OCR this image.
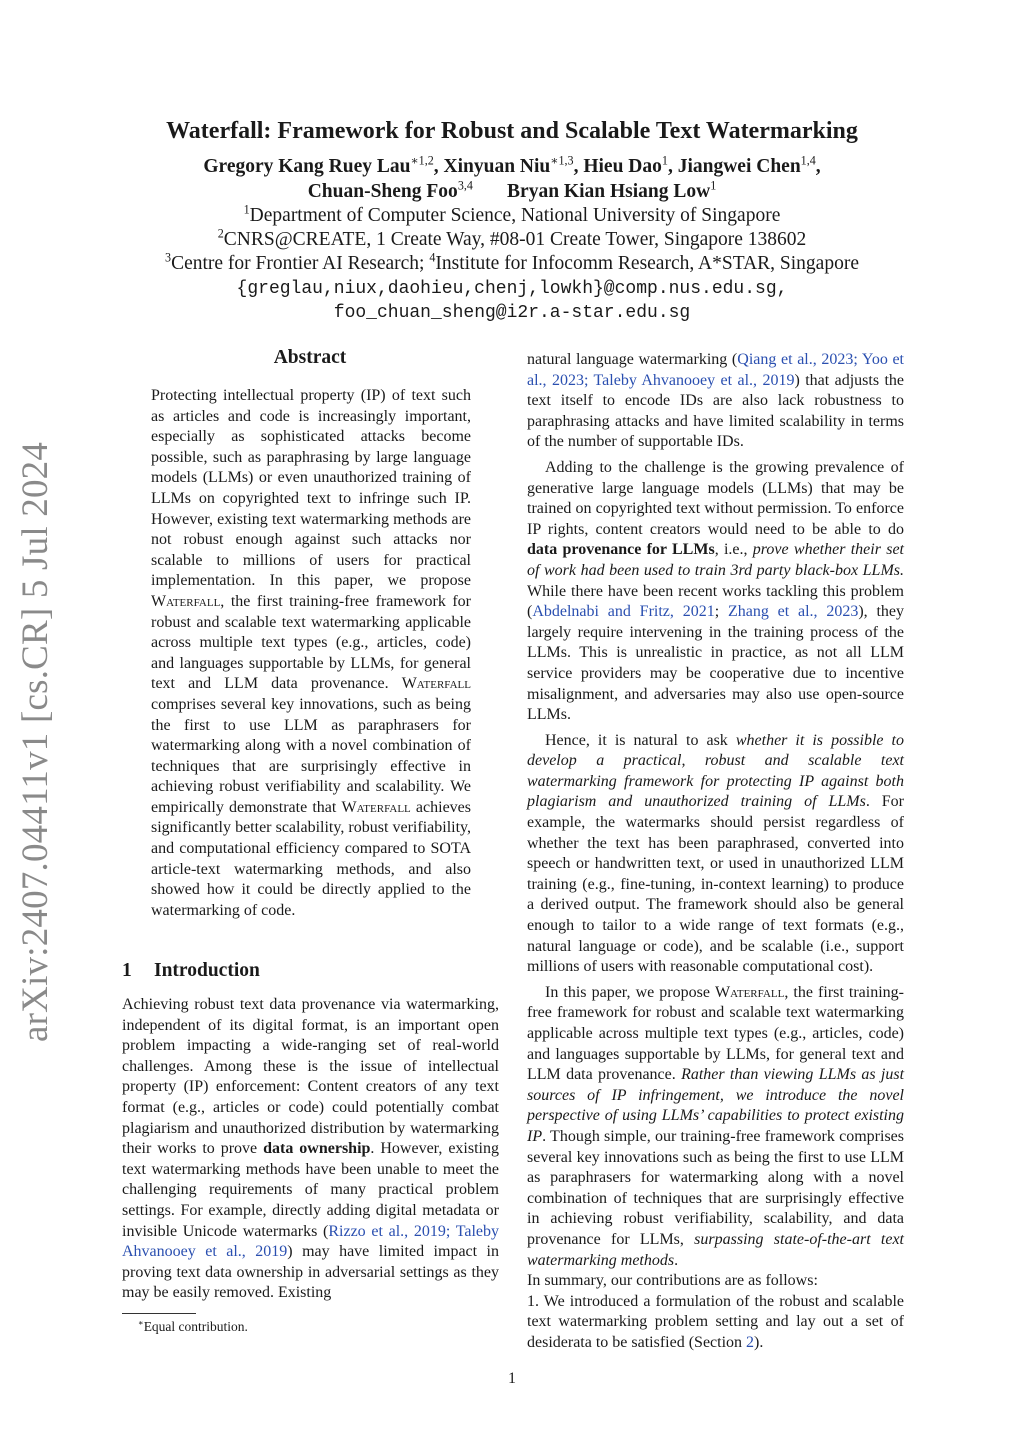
arXiv:2407.04411v1 [cs.CR] 5 Jul 2024
Waterfall: Framework for Robust and Scalable Text Watermarking
Gregory Kang Ruey Lau$^{∗1,2}$, Xinyuan Niu$^{∗1,3}$, Hieu Dao$^1$, Jiangwei Chen$^{1,4}$,
Chuan-Sheng Foo$^{3,4}$ Bryan Kian Hsiang Low$^1$
$^1$Department of Computer Science, National University of Singapore
$^2$CNRS@CREATE, 1 Create Way, #08-01 Create Tower, Singapore 138602
$^3$Centre for Frontier AI Research; $^4$Institute for Infocomm Research, A*STAR, Singapore
{greglau,niux,daohieu,chenj,lowkh}@comp.nus.edu.sg,
foo_chuan_sheng@i2r.a-star.edu.sg
Abstract
Protecting intellectual property (IP) of text such as articles and code is increasingly important, especially as sophisticated attacks become possible, such as paraphrasing by large language models (LLMs) or even unauthorized training of LLMs on copyrighted text to infringe such IP. However, existing text watermarking methods are not robust enough against such attacks nor scalable to millions of users for practical implementation. In this paper, we propose Waterfall, the first training-free framework for robust and scalable text watermarking applicable across multiple text types (e.g., articles, code) and languages supportable by LLMs, for general text and LLM data provenance. Waterfall comprises several key innovations, such as being the first to use LLM as paraphrasers for watermarking along with a novel combination of techniques that are surprisingly effective in achieving robust verifiability and scalability. We empirically demonstrate that Waterfall achieves significantly better scalability, robust verifiability, and computational efficiency compared to SOTA article-text watermarking methods, and also showed how it could be directly applied to the watermarking of code.
1 Introduction
Achieving robust text data provenance via watermarking, independent of its digital format, is an important open problem impacting a wide-ranging set of real-world challenges. Among these is the issue of intellectual property (IP) enforcement: Content creators of any text format (e.g., articles or code) could potentially combat plagiarism and unauthorized distribution by watermarking their works to prove data ownership. However, existing text watermarking methods have been unable to meet the challenging requirements of many practical problem settings. For example, directly adding digital metadata or invisible Unicode watermarks (Rizzo et al., 2019; Taleby Ahvanooey et al., 2019) may have limited impact in proving text data ownership in adversarial settings as they may be easily removed. Existing
∗Equal contribution.

natural language watermarking (Qiang et al., 2023; Yoo et al., 2023; Taleby Ahvanooey et al., 2019) that adjusts the text itself to encode IDs are also lack robustness to paraphrasing attacks and have limited scalability in terms of the number of supportable IDs.

Adding to the challenge is the growing prevalence of generative large language models (LLMs) that may be trained on copyrighted text without permission. To enforce IP rights, content creators would need to be able to do data provenance for LLMs, i.e., prove whether their set of work had been used to train 3rd party black-box LLMs. While there have been recent works tackling this problem (Abdelnabi and Fritz, 2021; Zhang et al., 2023), they largely require intervening in the training process of the LLMs. This is unrealistic in practice, as not all LLM service providers may be cooperative due to incentive misalignment, and adversaries may also use open-source LLMs.

Hence, it is natural to ask whether it is possible to develop a practical, robust and scalable text watermarking framework for protecting IP against both plagiarism and unauthorized training of LLMs. For example, the watermarks should persist regardless of whether the text has been paraphrased, converted into speech or handwritten text, or used in unauthorized LLM training (e.g., fine-tuning, in-context learning) to produce a derived output. The framework should also be general enough to tailor to a wide range of text formats (e.g., natural language or code), and be scalable (i.e., support millions of users with reasonable computational cost).

In this paper, we propose Waterfall, the first training-free framework for robust and scalable text watermarking applicable across multiple text types (e.g., articles, code) and languages supportable by LLMs, for general text and LLM data provenance. Rather than viewing LLMs as just sources of IP infringement, we introduce the novel perspective of using LLMs’ capabilities to protect existing IP. Though simple, our training-free framework comprises several key innovations such as being the first to use LLM as paraphrasers for watermarking along with a novel combination of techniques that are surprisingly effective in achieving robust verifiability, scalability, and data provenance for LLMs, surpassing state-of-the-art text watermarking methods.

In summary, our contributions are as follows:

1. We introduced a formulation of the robust and scalable text watermarking problem setting and lay out a set of desiderata to be satisfied (Section 2).

1
